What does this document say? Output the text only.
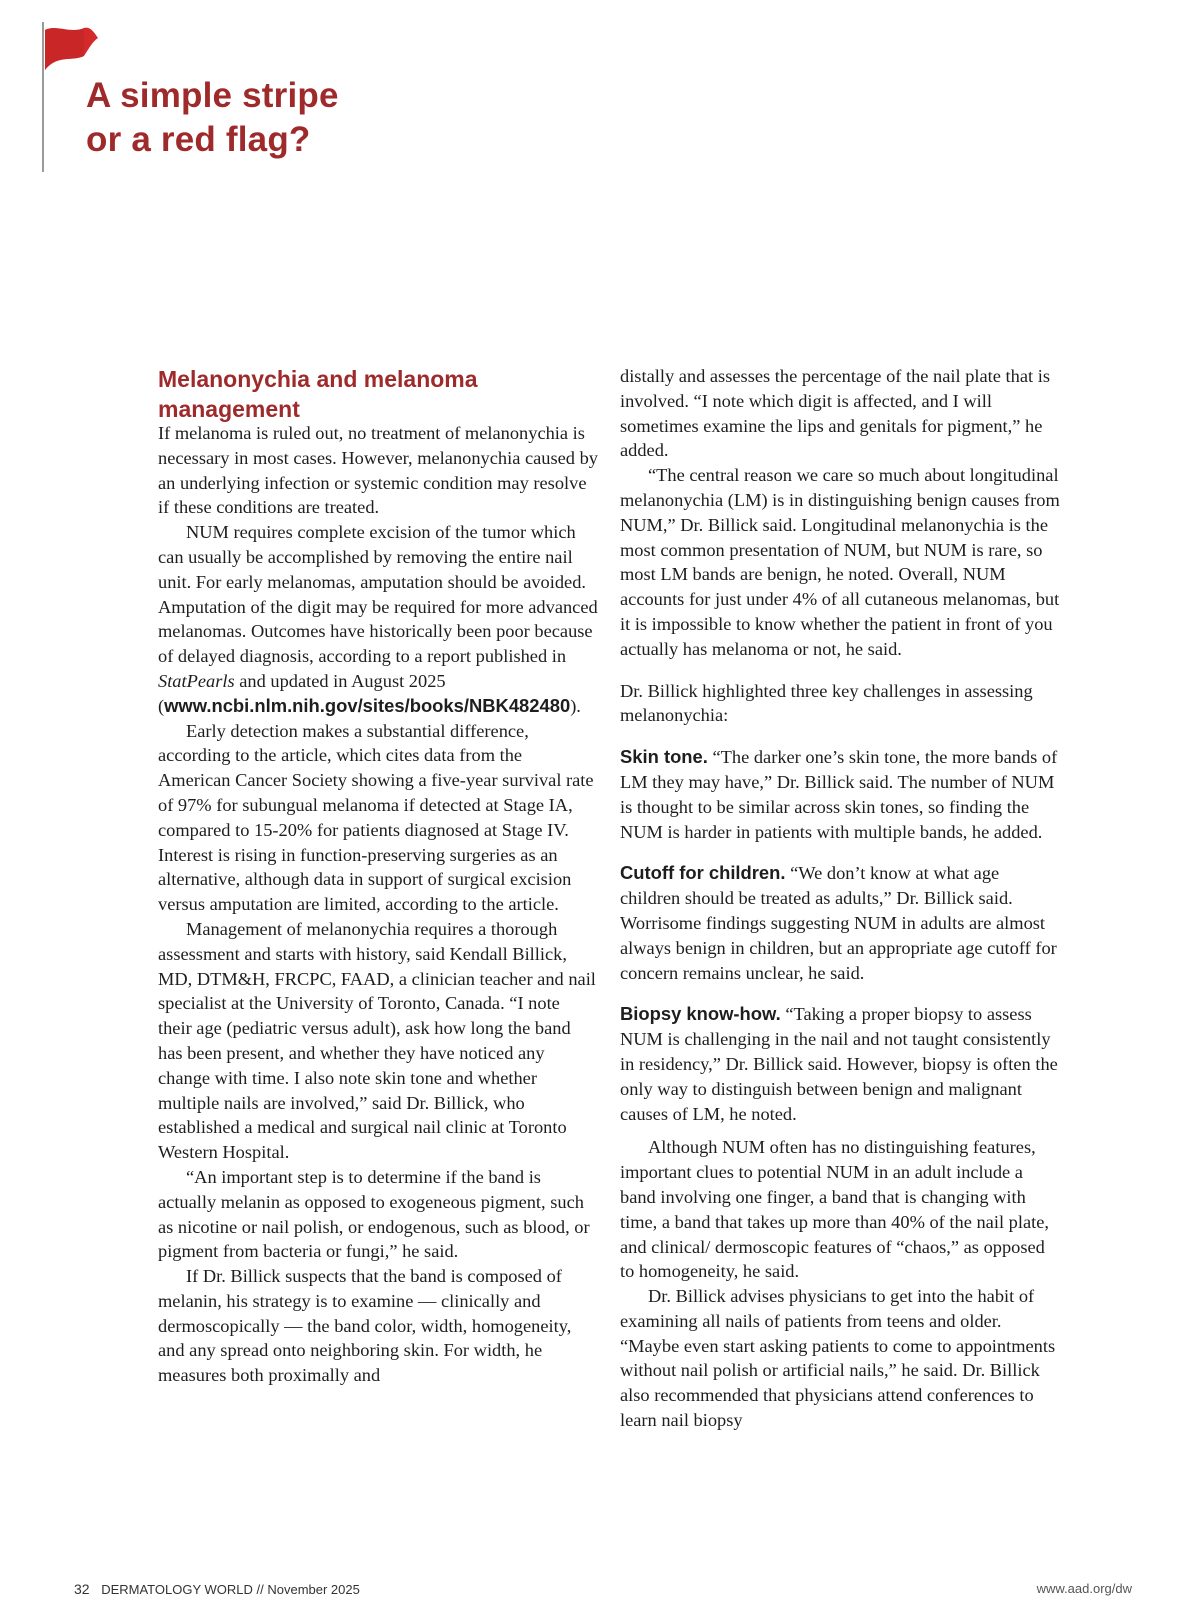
A simple stripe
or a red flag?
Melanonychia and melanoma
management
If melanoma is ruled out, no treatment of melanonychia is necessary in most cases. However, melanonychia caused by an underlying infection or systemic condition may resolve if these conditions are treated.
NUM requires complete excision of the tumor which can usually be accomplished by removing the entire nail unit. For early melanomas, amputation should be avoided. Amputation of the digit may be required for more advanced melanomas. Outcomes have historically been poor because of delayed diagnosis, according to a report published in StatPearls and updated in August 2025 (www.ncbi.nlm.nih.gov/sites/books/NBK482480).
Early detection makes a substantial difference, according to the article, which cites data from the American Cancer Society showing a five-year survival rate of 97% for subungual melanoma if detected at Stage IA, compared to 15-20% for patients diagnosed at Stage IV. Interest is rising in function-preserving surgeries as an alternative, although data in support of surgical excision versus amputation are limited, according to the article.
Management of melanonychia requires a thorough assessment and starts with history, said Kendall Billick, MD, DTM&H, FRCPC, FAAD, a clinician teacher and nail specialist at the University of Toronto, Canada. “I note their age (pediatric versus adult), ask how long the band has been present, and whether they have noticed any change with time. I also note skin tone and whether multiple nails are involved,” said Dr. Billick, who established a medical and surgical nail clinic at Toronto Western Hospital.
“An important step is to determine if the band is actually melanin as opposed to exogeneous pigment, such as nicotine or nail polish, or endogenous, such as blood, or pigment from bacteria or fungi,” he said.
If Dr. Billick suspects that the band is composed of melanin, his strategy is to examine — clinically and dermoscopically — the band color, width, homogeneity, and any spread onto neighboring skin. For width, he measures both proximally and
distally and assesses the percentage of the nail plate that is involved. “I note which digit is affected, and I will sometimes examine the lips and genitals for pigment,” he added.
“The central reason we care so much about longitudinal melanonychia (LM) is in distinguishing benign causes from NUM,” Dr. Billick said. Longitudinal melanonychia is the most common presentation of NUM, but NUM is rare, so most LM bands are benign, he noted. Overall, NUM accounts for just under 4% of all cutaneous melanomas, but it is impossible to know whether the patient in front of you actually has melanoma or not, he said.
Dr. Billick highlighted three key challenges in assessing melanonychia:
Skin tone. “The darker one’s skin tone, the more bands of LM they may have,” Dr. Billick said. The number of NUM is thought to be similar across skin tones, so finding the NUM is harder in patients with multiple bands, he added.
Cutoff for children. “We don’t know at what age children should be treated as adults,” Dr. Billick said. Worrisome findings suggesting NUM in adults are almost always benign in children, but an appropriate age cutoff for concern remains unclear, he said.
Biopsy know-how. “Taking a proper biopsy to assess NUM is challenging in the nail and not taught consistently in residency,” Dr. Billick said. However, biopsy is often the only way to distinguish between benign and malignant causes of LM, he noted.
Although NUM often has no distinguishing features, important clues to potential NUM in an adult include a band involving one finger, a band that is changing with time, a band that takes up more than 40% of the nail plate, and clinical/ dermoscopic features of “chaos,” as opposed to homogeneity, he said.
Dr. Billick advises physicians to get into the habit of examining all nails of patients from teens and older. “Maybe even start asking patients to come to appointments without nail polish or artificial nails,” he said. Dr. Billick also recommended that physicians attend conferences to learn nail biopsy
32 DERMATOLOGY WORLD // November 2025	www.aad.org/dw
